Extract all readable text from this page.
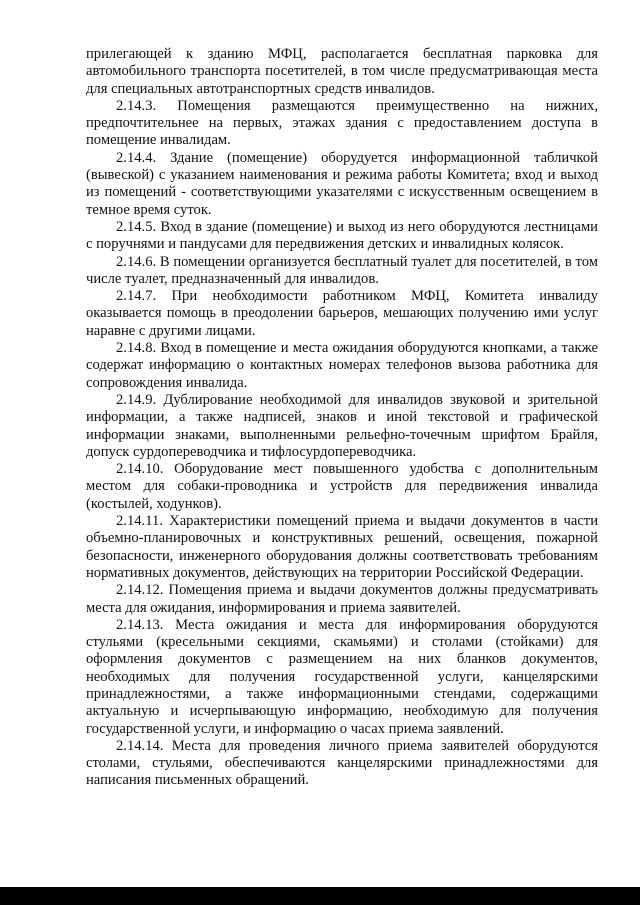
прилегающей к зданию МФЦ, располагается бесплатная парковка для автомобильного транспорта посетителей, в том числе предусматривающая места для специальных автотранспортных средств инвалидов.

2.14.3. Помещения размещаются преимущественно на нижних, предпочтительнее на первых, этажах здания с предоставлением доступа в помещение инвалидам.

2.14.4. Здание (помещение) оборудуется информационной табличкой (вывеской) с указанием наименования и режима работы Комитета; вход и выход из помещений - соответствующими указателями с искусственным освещением в темное время суток.

2.14.5. Вход в здание (помещение) и выход из него оборудуются лестницами с поручнями и пандусами для передвижения детских и инвалидных колясок.

2.14.6. В помещении организуется бесплатный туалет для посетителей, в том числе туалет, предназначенный для инвалидов.

2.14.7. При необходимости работником МФЦ, Комитета инвалиду оказывается помощь в преодолении барьеров, мешающих получению ими услуг наравне с другими лицами.

2.14.8. Вход в помещение и места ожидания оборудуются кнопками, а также содержат информацию о контактных номерах телефонов вызова работника для сопровождения инвалида.

2.14.9. Дублирование необходимой для инвалидов звуковой и зрительной информации, а также надписей, знаков и иной текстовой и графической информации знаками, выполненными рельефно-точечным шрифтом Брайля, допуск сурдопереводчика и тифлосурдопереводчика.

2.14.10. Оборудование мест повышенного удобства с дополнительным местом для собаки-проводника и устройств для передвижения инвалида (костылей, ходунков).

2.14.11. Характеристики помещений приема и выдачи документов в части объемно-планировочных и конструктивных решений, освещения, пожарной безопасности, инженерного оборудования должны соответствовать требованиям нормативных документов, действующих на территории Российской Федерации.

2.14.12. Помещения приема и выдачи документов должны предусматривать места для ожидания, информирования и приема заявителей.

2.14.13. Места ожидания и места для информирования оборудуются стульями (кресельными секциями, скамьями) и столами (стойками) для оформления документов с размещением на них бланков документов, необходимых для получения государственной услуги, канцелярскими принадлежностями, а также информационными стендами, содержащими актуальную и исчерпывающую информацию, необходимую для получения государственной услуги, и информацию о часах приема заявлений.

2.14.14. Места для проведения личного приема заявителей оборудуются столами, стульями, обеспечиваются канцелярскими принадлежностями для написания письменных обращений.
